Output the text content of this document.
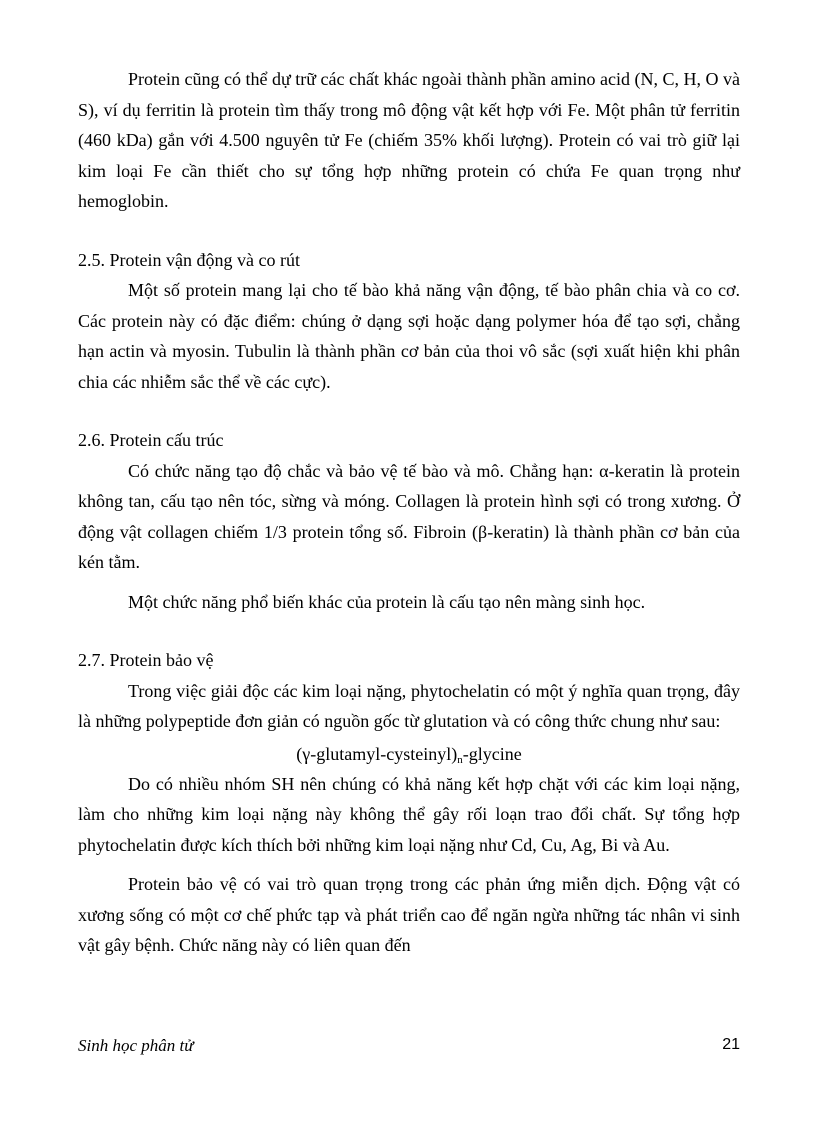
Protein cũng có thể dự trữ các chất khác ngoài thành phần amino acid (N, C, H, O và S), ví dụ ferritin là protein tìm thấy trong mô động vật kết hợp với Fe. Một phân tử ferritin (460 kDa) gắn với 4.500 nguyên tử Fe (chiếm 35% khối lượng). Protein có vai trò giữ lại kim loại Fe cần thiết cho sự tổng hợp những protein có chứa Fe quan trọng như hemoglobin.

2.5. Protein vận động và co rút

Một số protein mang lại cho tế bào khả năng vận động, tế bào phân chia và co cơ. Các protein này có đặc điểm: chúng ở dạng sợi hoặc dạng polymer hóa để tạo sợi, chẳng hạn actin và myosin. Tubulin là thành phần cơ bản của thoi vô sắc (sợi xuất hiện khi phân chia các nhiễm sắc thể về các cực).

2.6. Protein cấu trúc

Có chức năng tạo độ chắc và bảo vệ tế bào và mô. Chẳng hạn: α-keratin là protein không tan, cấu tạo nên tóc, sừng và móng. Collagen là protein hình sợi có trong xương. Ở động vật collagen chiếm 1/3 protein tổng số. Fibroin (β-keratin) là thành phần cơ bản của kén tằm.

Một chức năng phổ biến khác của protein là cấu tạo nên màng sinh học.

2.7. Protein bảo vệ

Trong việc giải độc các kim loại nặng, phytochelatin có một ý nghĩa quan trọng, đây là những polypeptide đơn giản có nguồn gốc từ glutation và có công thức chung như sau:

$(\gamma-glutamyl-cysteinyl)_n$-glycine

Do có nhiều nhóm SH nên chúng có khả năng kết hợp chặt với các kim loại nặng, làm cho những kim loại nặng này không thể gây rối loạn trao đổi chất. Sự tổng hợp phytochelatin được kích thích bởi những kim loại nặng như Cd, Cu, Ag, Bi và Au.

Protein bảo vệ có vai trò quan trọng trong các phản ứng miễn dịch. Động vật có xương sống có một cơ chế phức tạp và phát triển cao để ngăn ngừa những tác nhân vi sinh vật gây bệnh. Chức năng này có liên quan đến

Sinh học phân tử	21
